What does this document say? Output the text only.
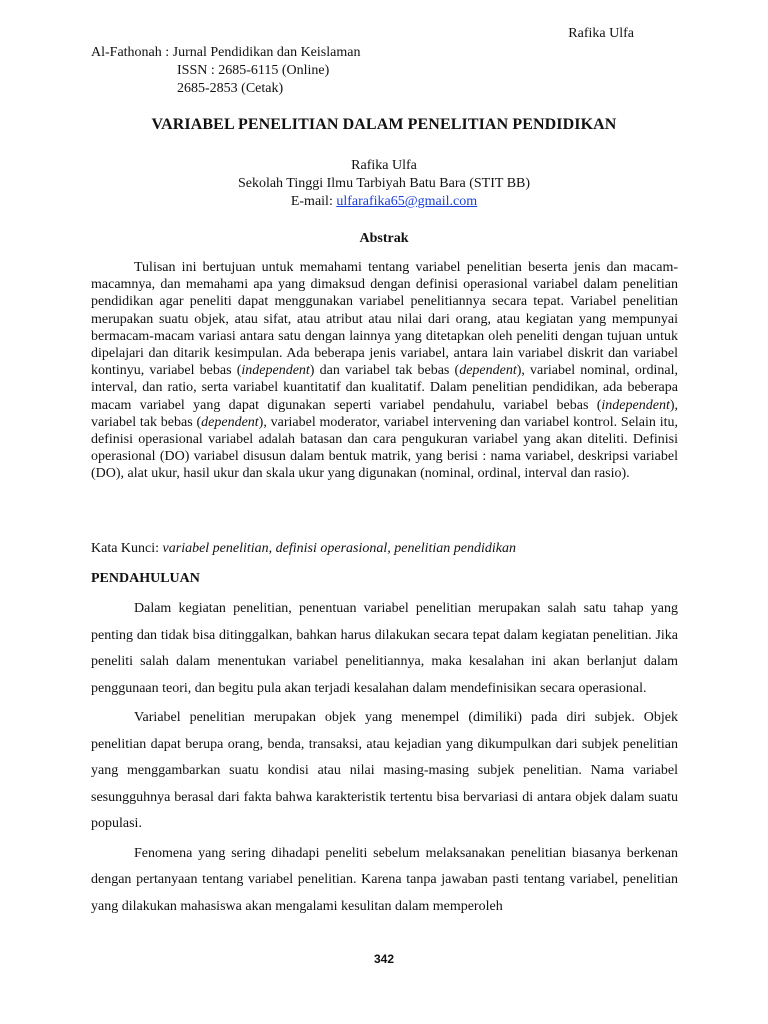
Rafika Ulfa
Al-Fathonah : Jurnal Pendidikan dan Keislaman
ISSN : 2685-6115 (Online)
2685-2853 (Cetak)
VARIABEL PENELITIAN DALAM PENELITIAN PENDIDIKAN
Rafika Ulfa
Sekolah Tinggi Ilmu Tarbiyah Batu Bara (STIT BB)
E-mail: ulfarafika65@gmail.com
Abstrak
Tulisan ini bertujuan untuk memahami tentang variabel penelitian beserta jenis dan macam-macamnya, dan memahami apa yang dimaksud dengan definisi operasional variabel dalam penelitian pendidikan agar peneliti dapat menggunakan variabel penelitiannya secara tepat. Variabel penelitian merupakan suatu objek, atau sifat, atau atribut atau nilai dari orang, atau kegiatan yang mempunyai bermacam-macam variasi antara satu dengan lainnya yang ditetapkan oleh peneliti dengan tujuan untuk dipelajari dan ditarik kesimpulan. Ada beberapa jenis variabel, antara lain variabel diskrit dan variabel kontinyu, variabel bebas (independent) dan variabel tak bebas (dependent), variabel nominal, ordinal, interval, dan ratio, serta variabel kuantitatif dan kualitatif. Dalam penelitian pendidikan, ada beberapa macam variabel yang dapat digunakan seperti variabel pendahulu, variabel bebas (independent), variabel tak bebas (dependent), variabel moderator, variabel intervening dan variabel kontrol. Selain itu, definisi operasional variabel adalah batasan dan cara pengukuran variabel yang akan diteliti. Definisi operasional (DO) variabel disusun dalam bentuk matrik, yang berisi : nama variabel, deskripsi variabel (DO), alat ukur, hasil ukur dan skala ukur yang digunakan (nominal, ordinal, interval dan rasio).
Kata Kunci: variabel penelitian, definisi operasional, penelitian pendidikan
PENDAHULUAN

Dalam kegiatan penelitian, penentuan variabel penelitian merupakan salah satu tahap yang penting dan tidak bisa ditinggalkan, bahkan harus dilakukan secara tepat dalam kegiatan penelitian. Jika peneliti salah dalam menentukan variabel penelitiannya, maka kesalahan ini akan berlanjut dalam penggunaan teori, dan begitu pula akan terjadi kesalahan dalam mendefinisikan secara operasional.

Variabel penelitian merupakan objek yang menempel (dimiliki) pada diri subjek. Objek penelitian dapat berupa orang, benda, transaksi, atau kejadian yang dikumpulkan dari subjek penelitian yang menggambarkan suatu kondisi atau nilai masing-masing subjek penelitian. Nama variabel sesungguhnya berasal dari fakta bahwa karakteristik tertentu bisa bervariasi di antara objek dalam suatu populasi.

Fenomena yang sering dihadapi peneliti sebelum melaksanakan penelitian biasanya berkenan dengan pertanyaan tentang variabel penelitian. Karena tanpa jawaban pasti tentang variabel, penelitian yang dilakukan mahasiswa akan mengalami kesulitan dalam memperoleh

342
